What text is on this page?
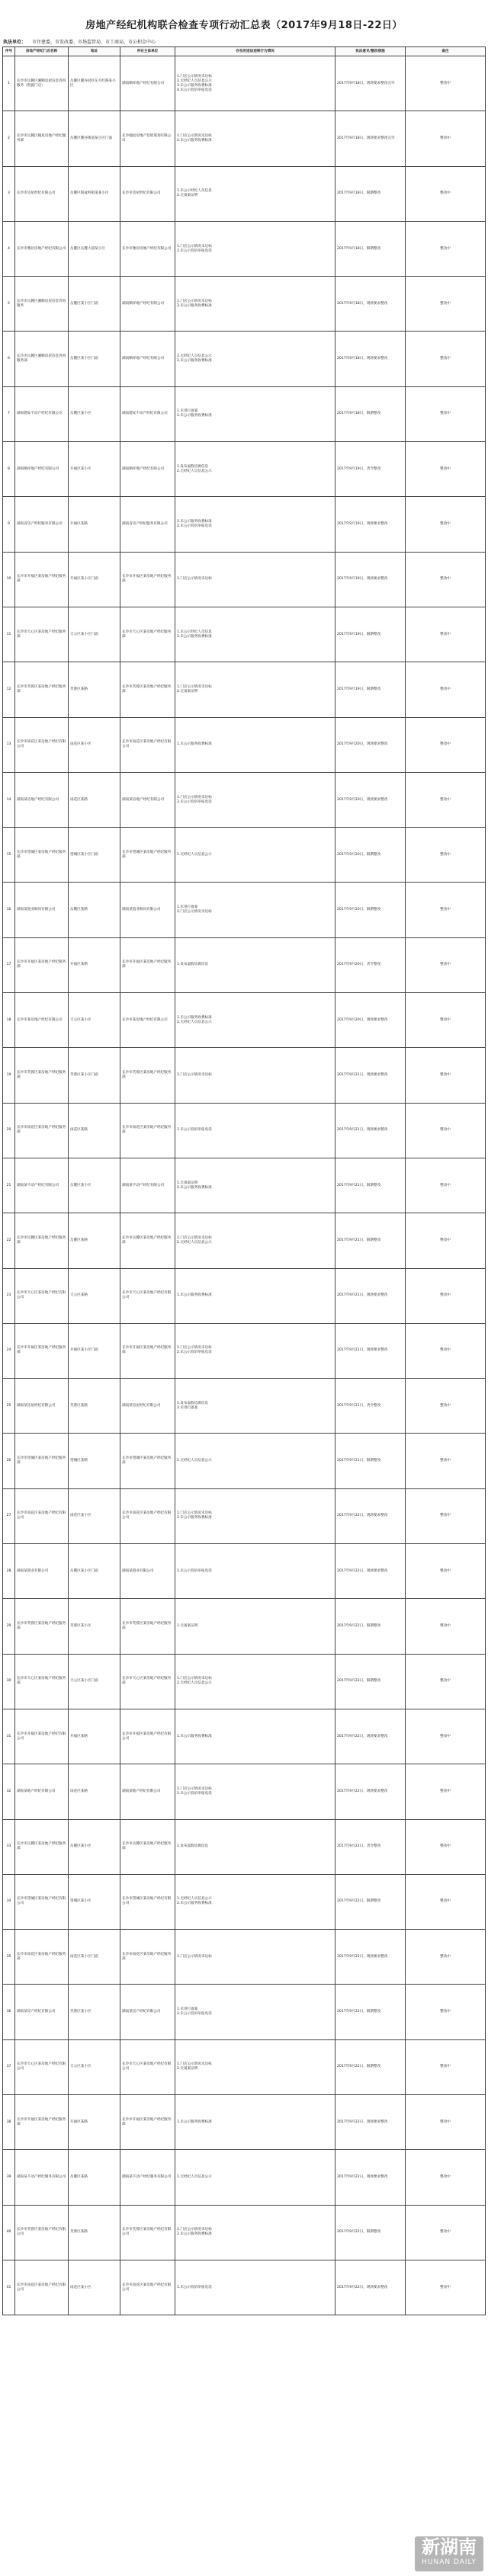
房地产经纪机构联合检查专项行动汇总表（2017年9月18日-22日）
执法单位： 市住建委、市发改委、市场监管局、市工商局、市公积金中心
序号	房地产经纪门店名称	地址	所在主体单位	存在的违法违规行为情况	执法意见/整改措施	备注
1	长沙市岳麓区湘顺房屋信息咨询服务（凯旋门店）	岳麓区麓谷园区东方红路某小区	湖南顺祥地产经纪有限公司	1.门店公示情况未达标
2.无经纪人员信息公示
3.未公示服务收费标准
4.未公示投诉举报电话	2017年9月18日，现场要求整改完毕	整改中
2	长沙市岳麓区翰星房地产经纪服务部	岳麓区麓谷街道某小区门面	长沙翰星房地产营销策划有限公司	1.门店公示情况未达标
2.未公示服务收费标准	2017年9月18日，现场要求整改完毕	整改中
3	长沙市房屋经纪有限公司	岳麓区银盆岭街道某小区	长沙市房屋经纪有限公司	1.未公示经纪人员信息
2.无备案证明	2017年9月18日，限期整改	整改中
4	长沙市雅居房地产经纪有限公司	岳麓区岳麓大道某小区	长沙市雅居房地产经纪有限公司	1.门店公示情况未达标
2.未公示投诉举报电话	2017年9月18日，限期整改	整改中
5	长沙市岳麓区湘顺房屋信息咨询服务	岳麓区某小区门面	湖南顺祥地产经纪有限公司	1.门店公示情况未达标
2.未公示服务收费标准	2017年9月18日，现场要求整改	整改中
6	长沙市岳麓区湘顺房屋信息咨询服务部	岳麓区某小区门面	湖南顺祥地产经纪有限公司	1.无经纪人员信息公示
2.未公示服务收费标准	2017年9月18日，现场要求整改	整改中
7	湖南德安不动产经纪有限公司	岳麓区某小区	湖南德安不动产经纪有限公司	1.未进行备案
2.未公示服务收费标准	2017年9月18日，限期整改	整改中
8	湖南顺祥地产经纪有限公司	开福区某小区	湖南顺祥地产经纪有限公司	1.发布虚假房源信息
2.无经纪人员信息公示	2017年9月19日，责令整改	整改中
9	湖南省房产经纪服务有限公司	开福区某路	湖南省房产经纪服务有限公司	1.未公示服务收费标准
2.未公示投诉举报电话	2017年9月19日，现场要求整改	整改中
10	长沙市开福区某房地产经纪服务部	开福区某小区门面	长沙市开福区某房地产经纪服务部	1.门店公示情况未达标	2017年9月19日，现场要求整改	整改中
11	长沙市天心区某房地产经纪服务部	天心区某小区门面	长沙市天心区某房地产经纪服务部	1.未公示经纪人员信息
2.未公示服务收费标准	2017年9月19日，限期整改	整改中
12	长沙市芙蓉区某房地产经纪服务部	芙蓉区某路	长沙市芙蓉区某房地产经纪服务部	1.门店公示情况未达标
2.无备案证明	2017年9月19日，限期整改	整改中
13	长沙市雨花区某房地产经纪有限公司	雨花区某小区	长沙市雨花区某房地产经纪有限公司	1.未公示服务收费标准	2017年9月20日，现场要求整改	整改中
14	湖南某房地产经纪有限公司	雨花区某路	湖南某房地产经纪有限公司	1.门店公示情况未达标
2.未公示投诉举报电话	2017年9月20日，现场要求整改	整改中
15	长沙市望城区某房地产经纪服务部	望城区某小区门面	长沙市望城区某房地产经纪服务部	1.无经纪人员信息公示	2017年9月20日，限期整改	整改中
16	湖南某置业顾问有限公司	岳麓区某路	湖南某置业顾问有限公司	1.未进行备案
2.门店公示情况未达标	2017年9月20日，限期整改	整改中
17	长沙市开福区某房地产经纪服务部	开福区某路	长沙市开福区某房地产经纪服务部	1.发布虚假房源信息	2017年9月20日，责令整改	整改中
18	长沙市某房地产经纪有限公司	天心区某小区	长沙市某房地产经纪有限公司	1.未公示服务收费标准
2.无经纪人员信息公示	2017年9月20日，现场要求整改	整改中
19	长沙市芙蓉区某房地产经纪服务部	芙蓉区某小区门面	长沙市芙蓉区某房地产经纪服务部	1.门店公示情况未达标	2017年9月21日，现场要求整改	整改中
20	长沙市雨花区某房地产经纪服务部	雨花区某路	长沙市雨花区某房地产经纪服务部	1.未公示投诉举报电话	2017年9月21日，现场要求整改	整改中
21	湖南某不动产经纪有限公司	岳麓区某小区	湖南某不动产经纪有限公司	1.无备案证明
2.未公示服务收费标准	2017年9月21日，限期整改	整改中
22	长沙市岳麓区某房地产经纪服务部	岳麓区某路	长沙市岳麓区某房地产经纪服务部	1.门店公示情况未达标
2.无经纪人员信息公示	2017年9月21日，限期整改	整改中
23	长沙市天心区某房地产经纪有限公司	天心区某路	长沙市天心区某房地产经纪有限公司	1.未公示服务收费标准	2017年9月21日，现场要求整改	整改中
24	长沙市开福区某房地产经纪服务部	开福区某小区门面	长沙市开福区某房地产经纪服务部	1.门店公示情况未达标
2.未公示投诉举报电话	2017年9月21日，现场要求整改	整改中
25	湖南某房屋经纪有限公司	芙蓉区某路	湖南某房屋经纪有限公司	1.发布虚假房源信息
2.未进行备案	2017年9月21日，责令整改	整改中
26	长沙市望城区某房地产经纪服务部	望城区某路	长沙市望城区某房地产经纪服务部	1.无经纪人员信息公示	2017年9月21日，限期整改	整改中
27	长沙市雨花区某房地产经纪有限公司	雨花区某小区	长沙市雨花区某房地产经纪有限公司	1.门店公示情况未达标
2.未公示服务收费标准	2017年9月22日，现场要求整改	整改中
28	湖南某置业有限公司	岳麓区某小区门面	湖南某置业有限公司	1.未公示投诉举报电话	2017年9月22日，现场要求整改	整改中
29	长沙市芙蓉区某房地产经纪服务部	芙蓉区某小区	长沙市芙蓉区某房地产经纪服务部	1.无备案证明	2017年9月22日，限期整改	整改中
30	长沙市天心区某房地产经纪服务部	天心区某小区门面	长沙市天心区某房地产经纪服务部	1.门店公示情况未达标
2.无经纪人员信息公示	2017年9月22日，限期整改	整改中
31	长沙市开福区某房地产经纪有限公司	开福区某路	长沙市开福区某房地产经纪有限公司	1.未公示服务收费标准	2017年9月22日，现场要求整改	整改中
32	湖南某地产经纪有限公司	雨花区某路	湖南某地产经纪有限公司	1.门店公示情况未达标
2.未公示投诉举报电话	2017年9月22日，现场要求整改	整改中
33	长沙市岳麓区某房地产经纪服务部	岳麓区某小区	长沙市岳麓区某房地产经纪服务部	1.发布虚假房源信息	2017年9月22日，责令整改	整改中
34	长沙市望城区某房地产经纪有限公司	望城区某小区	长沙市望城区某房地产经纪有限公司	1.无经纪人员信息公示
2.未公示服务收费标准	2017年9月22日，限期整改	整改中
35	长沙市雨花区某房地产经纪服务部	雨花区某小区门面	长沙市雨花区某房地产经纪服务部	1.门店公示情况未达标	2017年9月22日，现场要求整改	整改中
36	湖南某房产经纪有限公司	芙蓉区某小区	湖南某房产经纪有限公司	1.未进行备案
2.未公示投诉举报电话	2017年9月22日，限期整改	整改中
37	长沙市天心区某房地产经纪有限公司	天心区某小区	长沙市天心区某房地产经纪有限公司	1.门店公示情况未达标
2.无备案证明	2017年9月22日，限期整改	整改中
38	长沙市开福区某房地产经纪服务部	开福区某路	长沙市开福区某房地产经纪服务部	1.未公示服务收费标准	2017年9月22日，现场要求整改	整改中
39	湖南某不动产经纪服务有限公司	岳麓区某路	湖南某不动产经纪服务有限公司	1.无经纪人员信息公示	2017年9月22日，现场要求整改	整改中
40	长沙市芙蓉区某房地产经纪有限公司	芙蓉区某路	长沙市芙蓉区某房地产经纪有限公司	1.门店公示情况未达标
2.未公示服务收费标准	2017年9月22日，限期整改	整改中
41	长沙市雨花区某房地产经纪有限公司	雨花区某小区	长沙市雨花区某房地产经纪有限公司	1.未公示投诉举报电话	2017年9月22日，现场要求整改	整改中
新湖南
HUNAN DAILY
